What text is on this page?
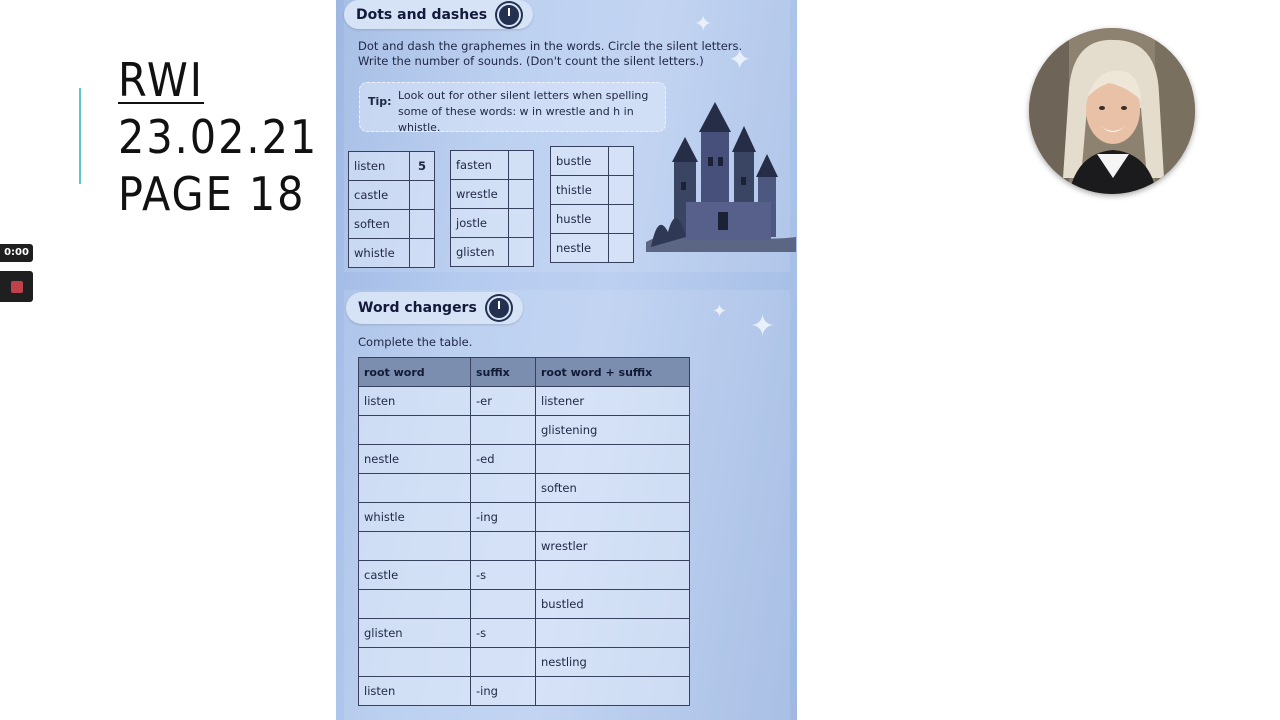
RWI
23.02.21
PAGE 18
0:00
✦
✦
✦ ✦
Dots and dashes
Dot and dash the graphemes in the words. Circle the silent letters.
Write the number of sounds. (Don't count the silent letters.)
Tip: Look out for other silent letters when spelling some of these words: w in wrestle and h in whistle.
listen	5
castle	
soften	
whistle	
fasten	
wrestle	
jostle	
glisten	
bustle	
thistle	
hustle	
nestle	
Word changers
Complete the table.
root word	suffix	root word + suffix
listen	-er	listener
		glistening
nestle	-ed	
		soften
whistle	-ing	
		wrestler
castle	-s	
		bustled
glisten	-s	
		nestling
listen	-ing	
